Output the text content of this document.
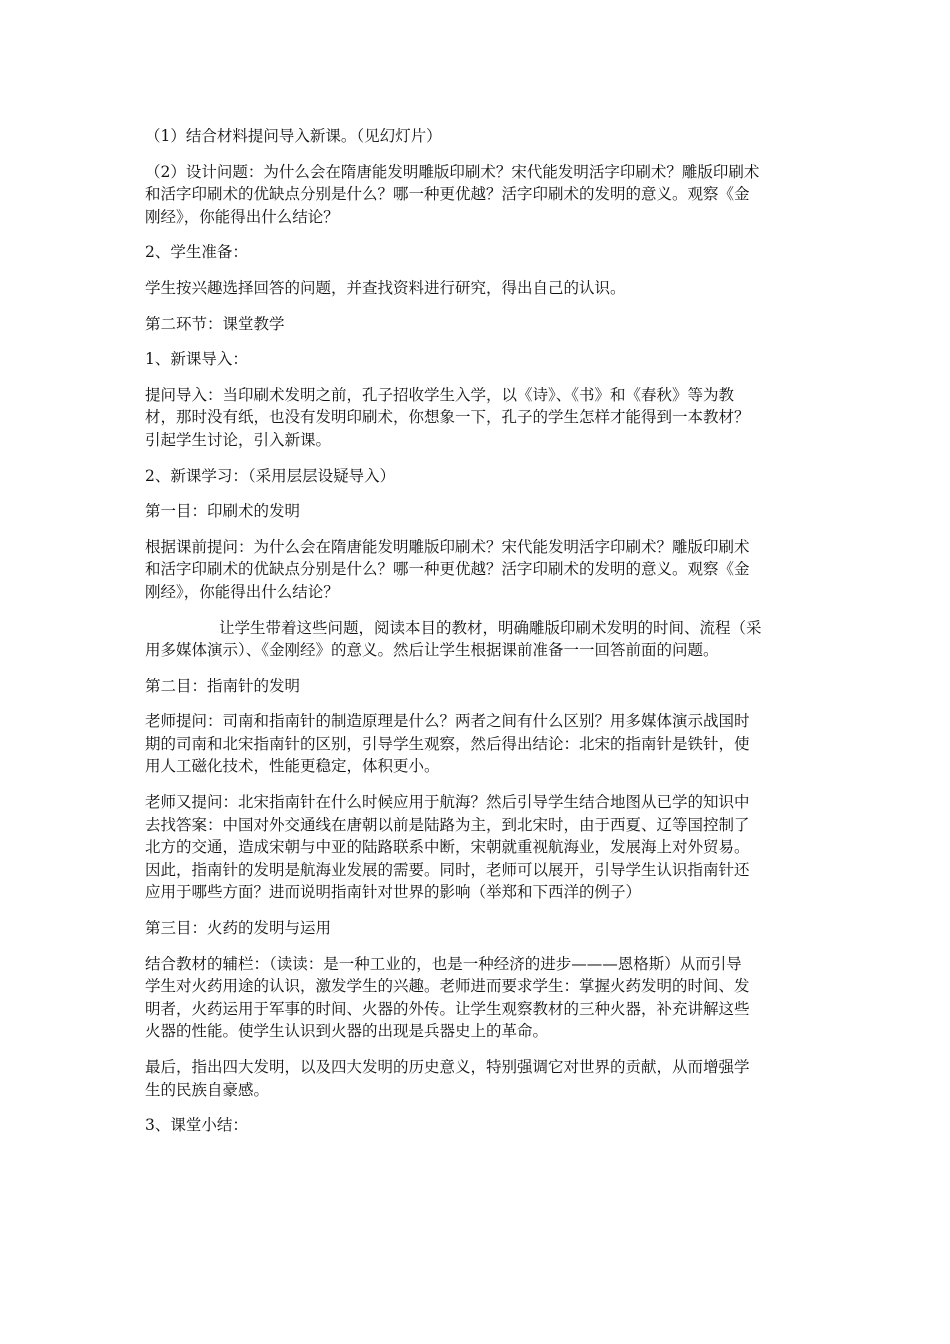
（1）结合材料提问导入新课。（见幻灯片）
（2）设计问题：为什么会在隋唐能发明雕版印刷术？宋代能发明活字印刷术？雕版印刷术
和活字印刷术的优缺点分别是什么？哪一种更优越？活字印刷术的发明的意义。观察《金
刚经》，你能得出什么结论？
2、学生准备：
学生按兴趣选择回答的问题，并查找资料进行研究，得出自己的认识。
第二环节：课堂教学
1、新课导入：
提问导入：当印刷术发明之前，孔子招收学生入学，以《诗》、《书》和《春秋》等为教
材，那时没有纸，也没有发明印刷术，你想象一下，孔子的学生怎样才能得到一本教材？
引起学生讨论，引入新课。
2、新课学习：（采用层层设疑导入）
第一目：印刷术的发明
根据课前提问：为什么会在隋唐能发明雕版印刷术？宋代能发明活字印刷术？雕版印刷术
和活字印刷术的优缺点分别是什么？哪一种更优越？活字印刷术的发明的意义。观察《金
刚经》，你能得出什么结论？
让学生带着这些问题，阅读本目的教材，明确雕版印刷术发明的时间、流程（采
用多媒体演示）、《金刚经》的意义。然后让学生根据课前准备一一回答前面的问题。
第二目：指南针的发明
老师提问：司南和指南针的制造原理是什么？两者之间有什么区别？用多媒体演示战国时
期的司南和北宋指南针的区别，引导学生观察，然后得出结论：北宋的指南针是铁针，使
用人工磁化技术，性能更稳定，体积更小。
老师又提问：北宋指南针在什么时候应用于航海？然后引导学生结合地图从已学的知识中
去找答案：中国对外交通线在唐朝以前是陆路为主，到北宋时，由于西夏、辽等国控制了
北方的交通，造成宋朝与中亚的陆路联系中断，宋朝就重视航海业，发展海上对外贸易。
因此，指南针的发明是航海业发展的需要。同时，老师可以展开，引导学生认识指南针还
应用于哪些方面？进而说明指南针对世界的影响（举郑和下西洋的例子）
第三目：火药的发明与运用
结合教材的辅栏：（读读：是一种工业的，也是一种经济的进步———恩格斯）从而引导
学生对火药用途的认识，激发学生的兴趣。老师进而要求学生：掌握火药发明的时间、发
明者，火药运用于军事的时间、火器的外传。让学生观察教材的三种火器，补充讲解这些
火器的性能。使学生认识到火器的出现是兵器史上的革命。
最后，指出四大发明，以及四大发明的历史意义，特别强调它对世界的贡献，从而增强学
生的民族自豪感。
3、课堂小结：
